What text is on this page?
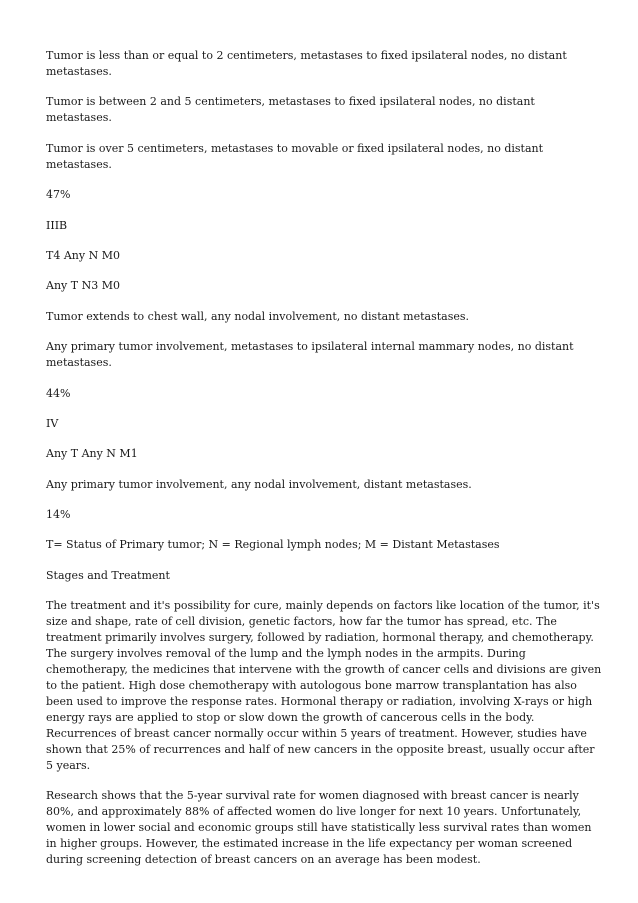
Tumor is less than or equal to 2 centimeters, metastases to fixed ipsilateral nodes, no distant metastases.

Tumor is between 2 and 5 centimeters, metastases to fixed ipsilateral nodes, no distant metastases.

Tumor is over 5 centimeters, metastases to movable or fixed ipsilateral nodes, no distant metastases.

47%

IIIB

T4 Any N M0

Any T N3 M0

Tumor extends to chest wall, any nodal involvement, no distant metastases.

Any primary tumor involvement, metastases to ipsilateral internal mammary nodes, no distant metastases.

44%

IV

Any T Any N M1

Any primary tumor involvement, any nodal involvement, distant metastases.

14%

T= Status of Primary tumor; N = Regional lymph nodes; M = Distant Metastases

Stages and Treatment

The treatment and it's possibility for cure, mainly depends on factors like location of the tumor, it's size and shape, rate of cell division, genetic factors, how far the tumor has spread, etc. The treatment primarily involves surgery, followed by radiation, hormonal therapy, and chemotherapy. The surgery involves removal of the lump and the lymph nodes in the armpits. During chemotherapy, the medicines that intervene with the growth of cancer cells and divisions are given to the patient. High dose chemotherapy with autologous bone marrow transplantation has also been used to improve the response rates. Hormonal therapy or radiation, involving X-rays or high energy rays are applied to stop or slow down the growth of cancerous cells in the body. Recurrences of breast cancer normally occur within 5 years of treatment. However, studies have shown that 25% of recurrences and half of new cancers in the opposite breast, usually occur after 5 years.

Research shows that the 5-year survival rate for women diagnosed with breast cancer is nearly 80%, and approximately 88% of affected women do live longer for next 10 years. Unfortunately, women in lower social and economic groups still have statistically less survival rates than women in higher groups. However, the estimated increase in the life expectancy per woman screened during screening detection of breast cancers on an average has been modest.
